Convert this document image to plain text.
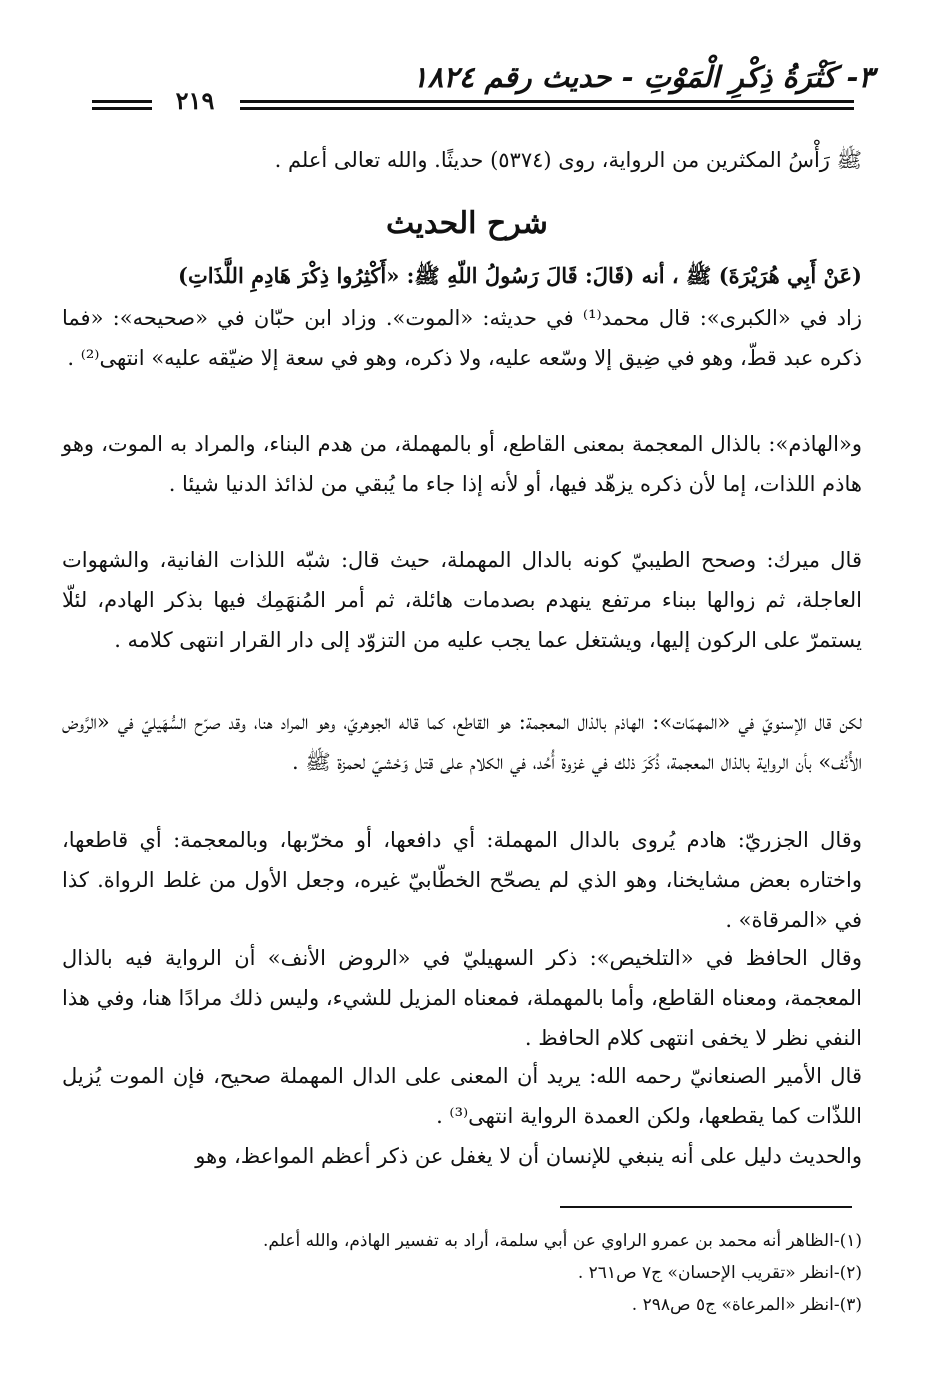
٣- كَثْرَةُ ذِكْرِ الْمَوْتِ - حديث رقم ١٨٢٤
٢١٩

ﷺ رَأْسُ المكثرين من الرواية، روى (٥٣٧٤) حديثًا. والله تعالى أعلم .

شرح الحديث

(عَنْ أَبِي هُرَيْرَةَ) ﷺ ، أنه (قَالَ: قَالَ رَسُولُ اللّهِ ﷺ: «أَكْثِرُوا ذِكْرَ هَادِمِ اللَّذَاتِ)

زاد في «الكبرى»: قال محمد⁽¹⁾ في حديثه: «الموت». وزاد ابن حبّان في «صحيحه»: «فما ذكره عبد قطّ، وهو في ضِيق إلا وسّعه عليه، ولا ذكره، وهو في سعة إلا ضيّقه عليه» انتهى⁽²⁾ .

و«الهاذم»: بالذال المعجمة بمعنى القاطع، أو بالمهملة، من هدم البناء، والمراد به الموت، وهو هاذم اللذات، إما لأن ذكره يزهّد فيها، أو لأنه إذا جاء ما يُبقي من لذائذ الدنيا شيئا .

قال ميرك: وصحح الطيبيّ كونه بالدال المهملة، حيث قال: شبّه اللذات الفانية، والشهوات العاجلة، ثم زوالها ببناء مرتفع ينهدم بصدمات هائلة، ثم أمر المُنهَمِك فيها بذكر الهادم، لئلّا يستمرّ على الركون إليها، ويشتغل عما يجب عليه من التزوّد إلى دار القرار انتهى كلامه .

لكن قال الإسنويّ في «المهمّات»: الهاذم بالذال المعجمة: هو القاطع، كما قاله الجوهريّ، وهو المراد هنا، وقد صرّح السُّهَيليّ في «الرَّوض الأُنُف» بأن الرواية بالذال المعجمة، ذُكَرَ ذلك في غزوة أُحُد، في الكلام على قتل وَحْشيّ لحمزة ﷺ .

وقال الجزريّ: هادم يُروى بالدال المهملة: أي دافعها، أو مخرّبها، وبالمعجمة: أي قاطعها، واختاره بعض مشايخنا، وهو الذي لم يصحّح الخطّابيّ غيره، وجعل الأول من غلط الرواة. كذا في «المرقاة» .

وقال الحافظ في «التلخيص»: ذكر السهيليّ في «الروض الأنف» أن الرواية فيه بالذال المعجمة، ومعناه القاطع، وأما بالمهملة، فمعناه المزيل للشيء، وليس ذلك مرادًا هنا، وفي هذا النفي نظر لا يخفى انتهى كلام الحافظ .

قال الأمير الصنعانيّ رحمه الله: يريد أن المعنى على الدال المهملة صحيح، فإن الموت يُزيل اللذّات كما يقطعها، ولكن العمدة الرواية انتهى⁽³⁾ .

والحديث دليل على أنه ينبغي للإنسان أن لا يغفل عن ذكر أعظم المواعظ، وهو

(١)-الظاهر أنه محمد بن عمرو الراوي عن أبي سلمة، أراد به تفسير الهاذم، والله أعلم.

(٢)-انظر «تقريب الإحسان» ج٧ ص٢٦١ .

(٣)-انظر «المرعاة» ج٥ ص٢٩٨ .
